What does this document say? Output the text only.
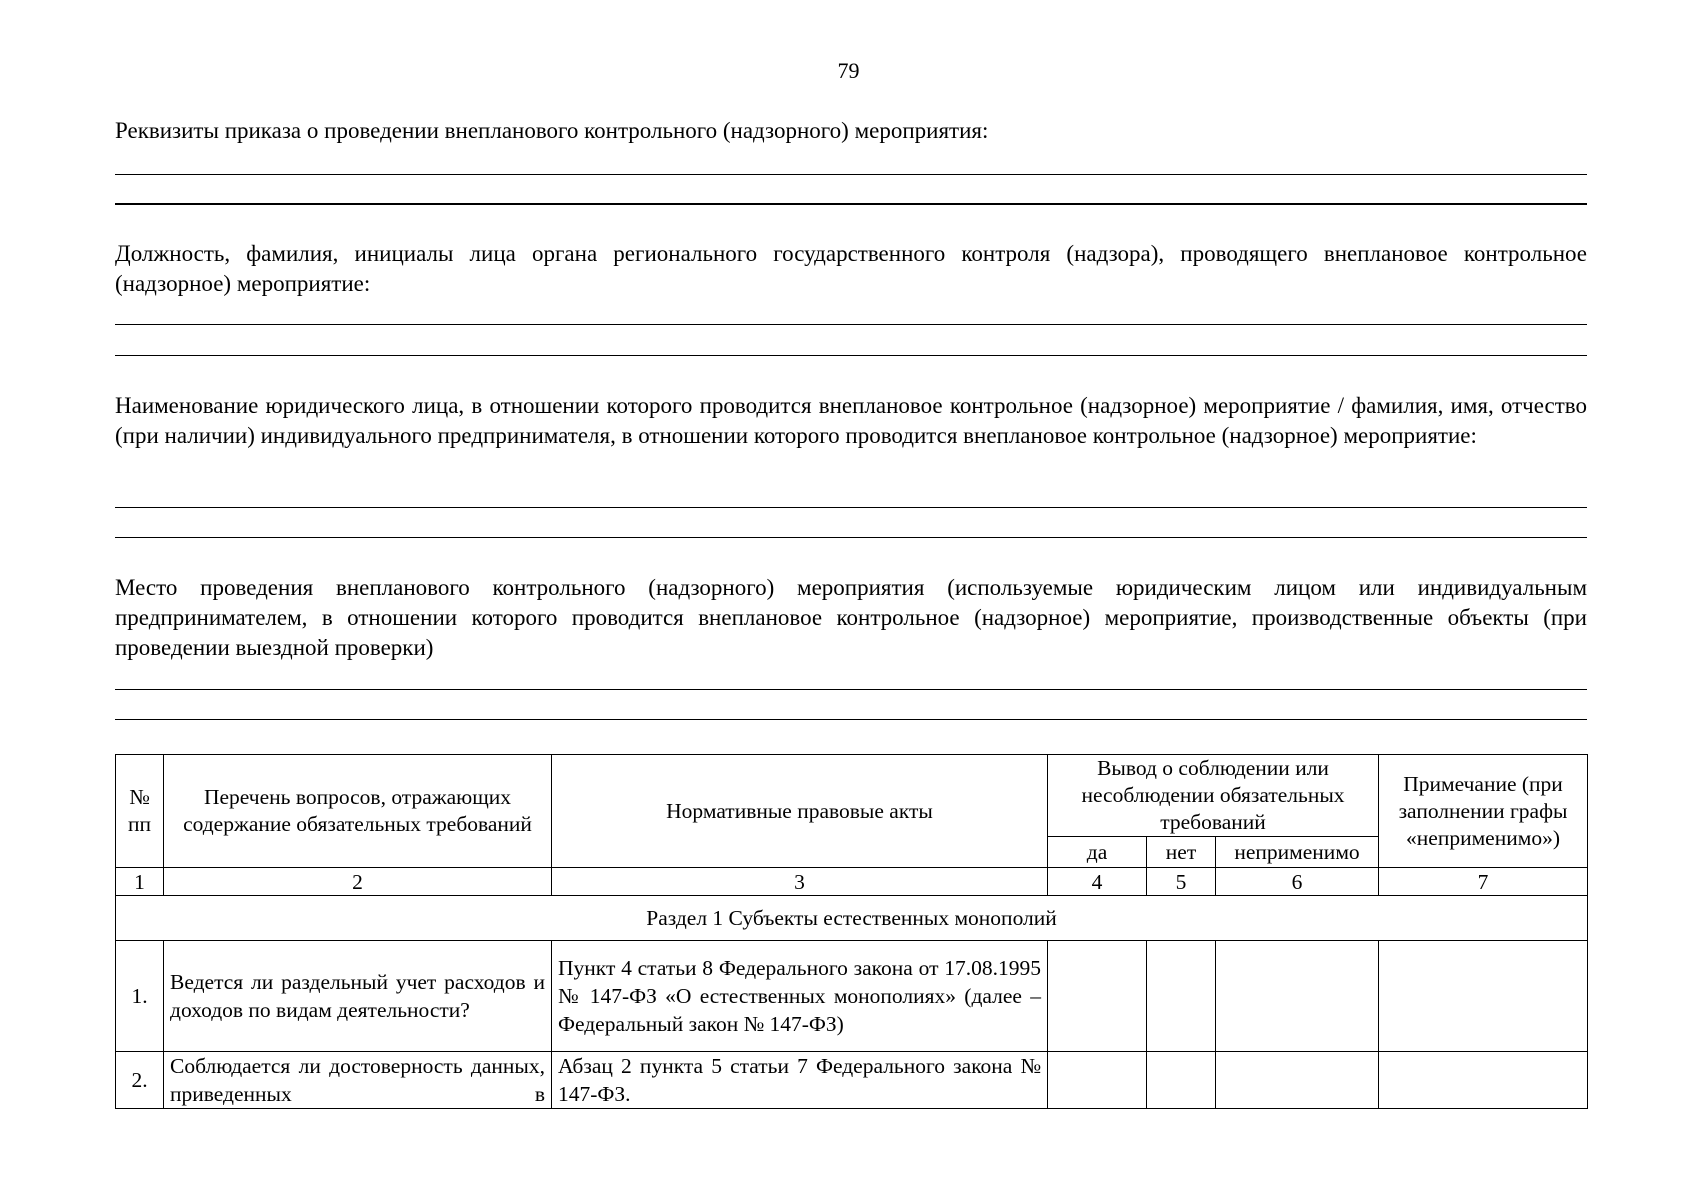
79

Реквизиты приказа о проведении внепланового контрольного (надзорного) мероприятия:

Должность, фамилия, инициалы лица органа регионального государственного контроля (надзора), проводящего внеплановое контрольное (надзорное) мероприятие:

Наименование юридического лица, в отношении которого проводится внеплановое контрольное (надзорное) мероприятие / фамилия, имя, отчество (при наличии) индивидуального предпринимателя, в отношении которого проводится внеплановое контрольное (надзорное) мероприятие:

Место проведения внепланового контрольного (надзорного) мероприятия (используемые юридическим лицом или индивидуальным предпринимателем, в отношении которого проводится внеплановое контрольное (надзорное) мероприятие, производственные объекты (при проведении выездной проверки)

№ пп	Перечень вопросов, отражающих содержание обязательных требований	Нормативные правовые акты	Вывод о соблюдении или несоблюдении обязательных требований			Примечание (при заполнении графы «неприменимо»)
			да	нет	неприменимо	
1	2	3	4	5	6	7
Раздел 1 Субъекты естественных монополий						
1.	Ведется ли раздельный учет расходов и доходов по видам деятельности?	Пункт 4 статьи 8 Федерального закона от 17.08.1995 № 147-ФЗ «О естественных монополиях» (далее – Федеральный закон № 147-ФЗ)				
2.	Соблюдается ли достоверность данных, приведенных в	Абзац 2 пункта 5 статьи 7 Федерального закона № 147-ФЗ.				
